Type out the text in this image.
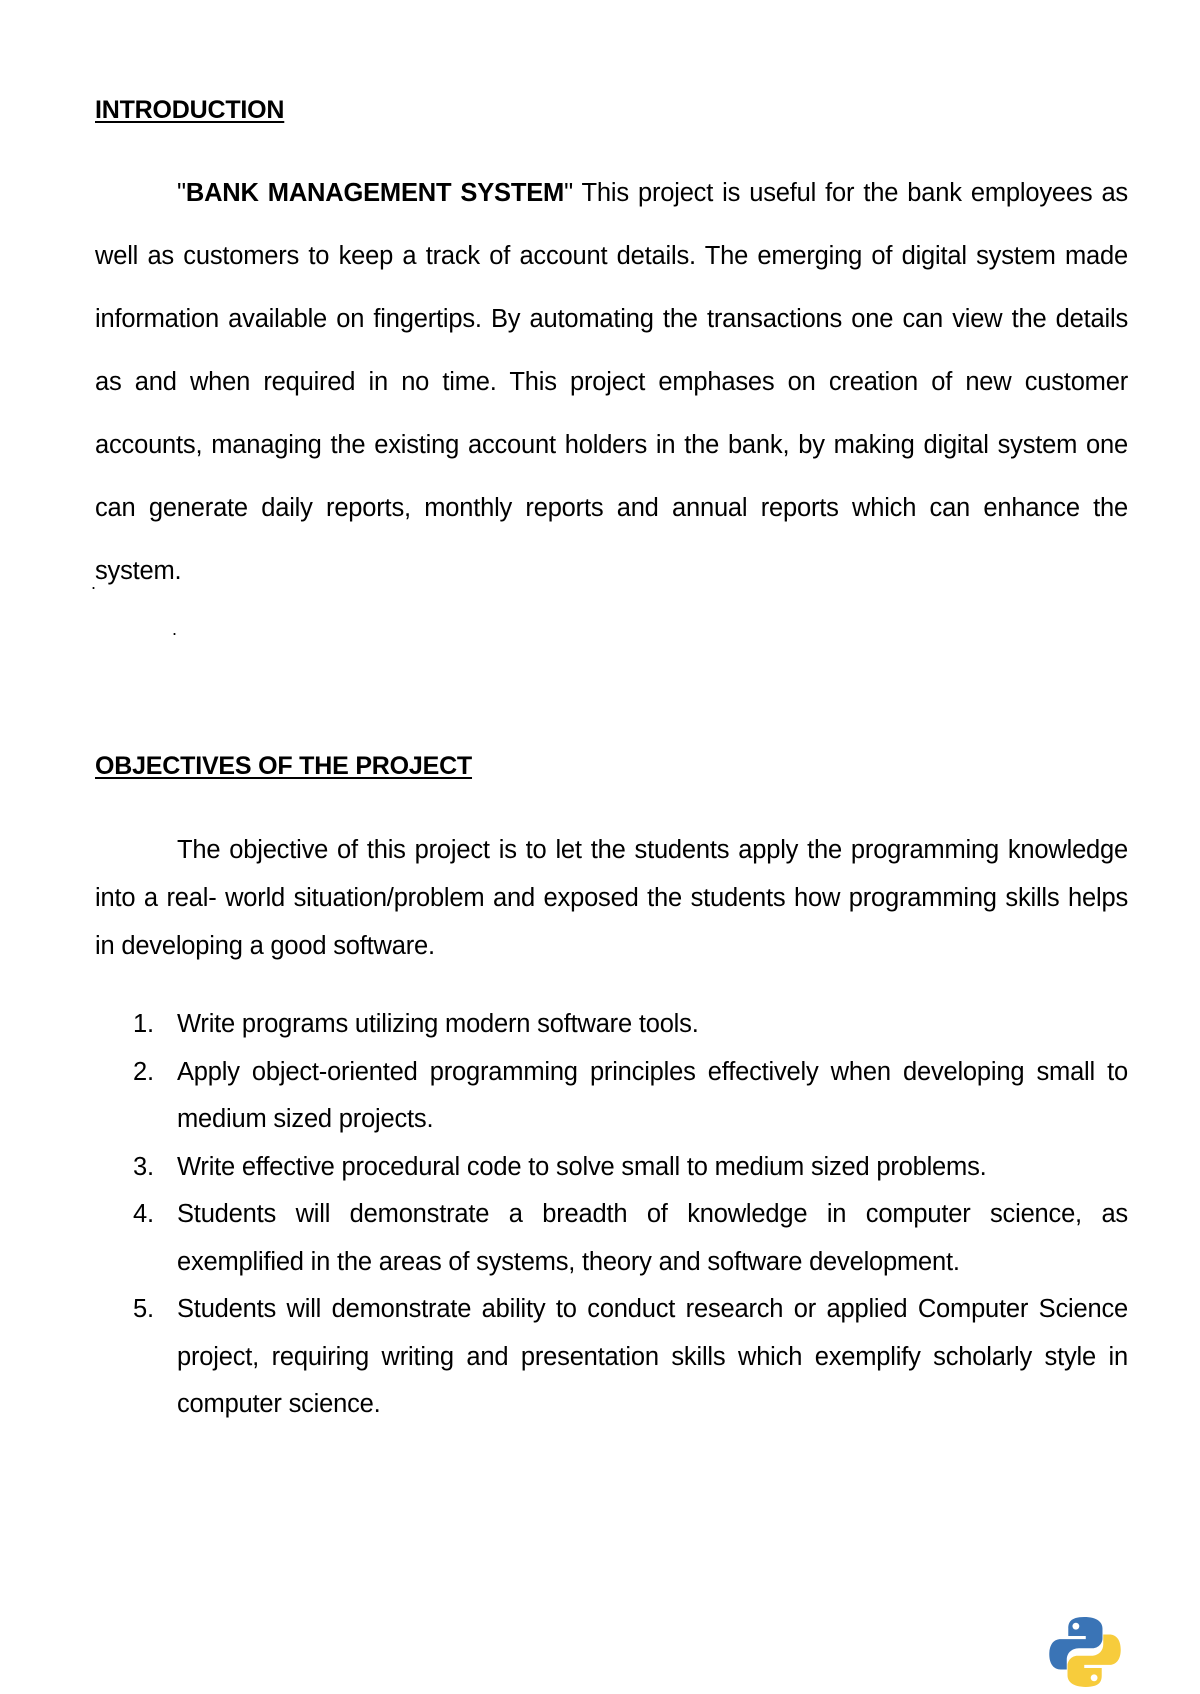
INTRODUCTION

"BANK MANAGEMENT SYSTEM" This project is useful for the bank employees as well as customers to keep a track of account details. The emerging of digital system made information available on fingertips. By automating the transactions one can view the details as and when required in no time. This project emphases on creation of new customer accounts, managing the existing account holders in the bank, by making digital system one can generate daily reports, monthly reports and annual reports which can enhance the system.

.
.
OBJECTIVES OF THE PROJECT

The objective of this project is to let the students apply the programming knowledge into a real- world situation/problem and exposed the students how programming skills helps in developing a good software.

1. Write programs utilizing modern software tools.
2. Apply object-oriented programming principles effectively when developing small to medium sized projects.
3. Write effective procedural code to solve small to medium sized problems.
4. Students will demonstrate a breadth of knowledge in computer science, as exemplified in the areas of systems, theory and software development.
5. Students will demonstrate ability to conduct research or applied Computer Science project, requiring writing and presentation skills which exemplify scholarly style in computer science.
